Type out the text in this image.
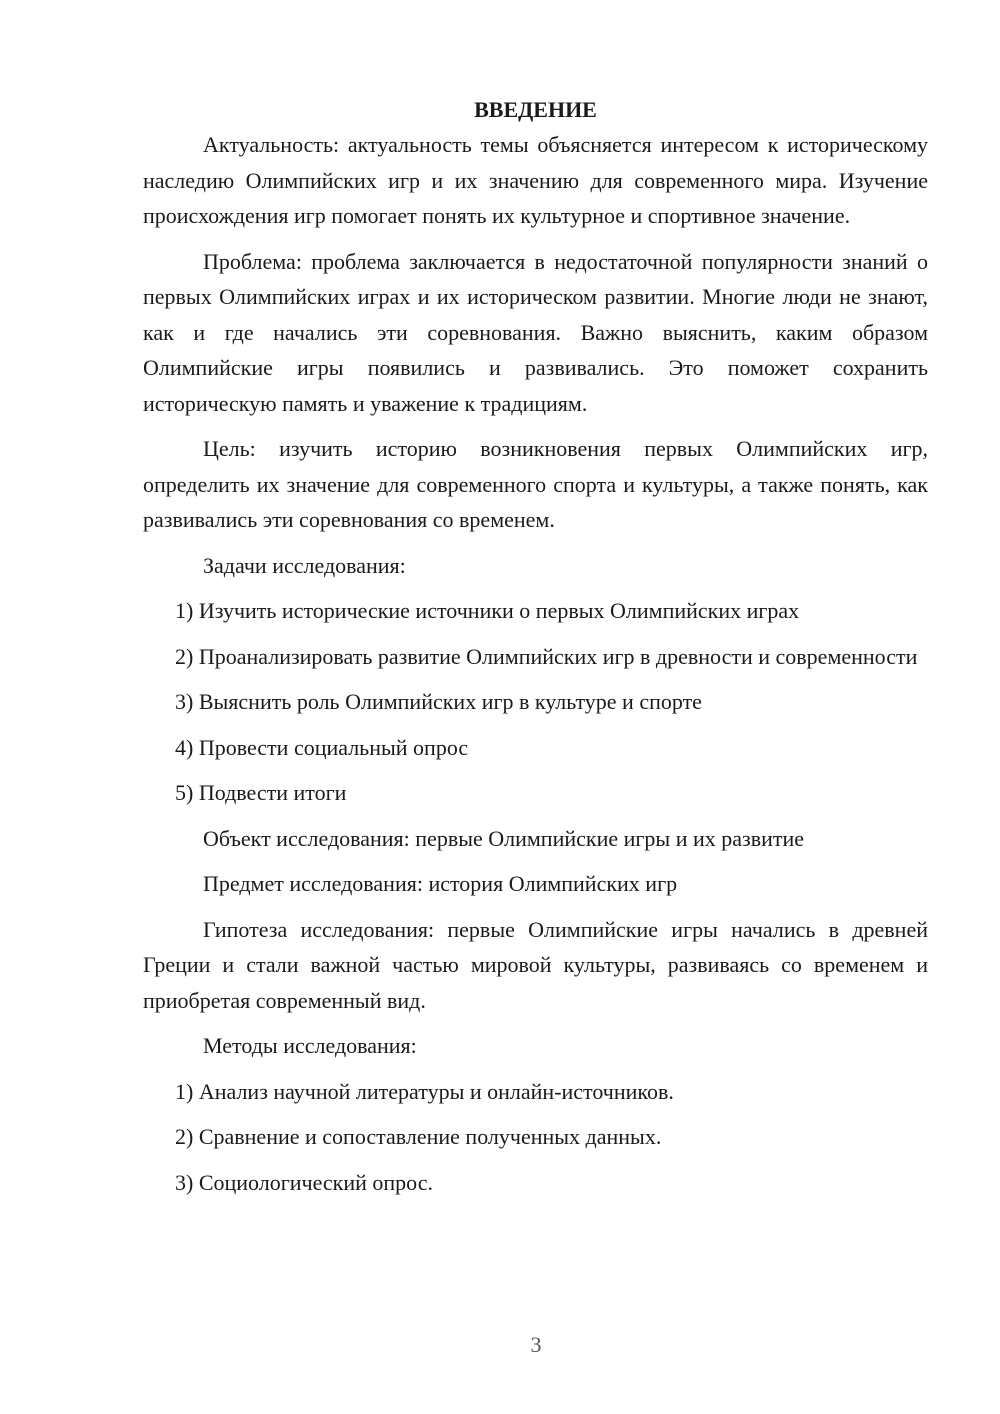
ВВЕДЕНИЕ

Актуальность: актуальность темы объясняется интересом к историческому наследию Олимпийских игр и их значению для современного мира. Изучение происхождения игр помогает понять их культурное и спортивное значение.

Проблема: проблема заключается в недостаточной популярности знаний о первых Олимпийских играх и их историческом развитии. Многие люди не знают, как и где начались эти соревнования. Важно выяснить, каким образом Олимпийские игры появились и развивались. Это поможет сохранить историческую память и уважение к традициям.

Цель: изучить историю возникновения первых Олимпийских игр, определить их значение для современного спорта и культуры, а также понять, как развивались эти соревнования со временем.

Задачи исследования:

1) Изучить исторические источники о первых Олимпийских играх

2) Проанализировать развитие Олимпийских игр в древности и современности

3) Выяснить роль Олимпийских игр в культуре и спорте

4) Провести социальный опрос

5) Подвести итоги

Объект исследования: первые Олимпийские игры и их развитие

Предмет исследования: история Олимпийских игр

Гипотеза исследования: первые Олимпийские игры начались в древней Греции и стали важной частью мировой культуры, развиваясь со временем и приобретая современный вид.

Методы исследования:

1) Анализ научной литературы и онлайн-источников.

2) Сравнение и сопоставление полученных данных.

3) Социологический опрос.

3
